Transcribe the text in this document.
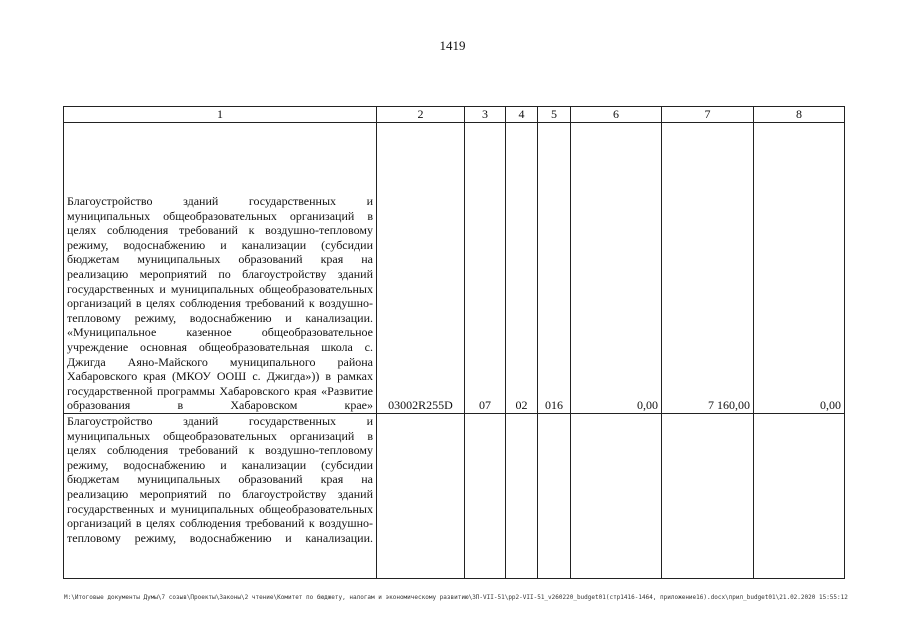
1419
1	2	3	4	5	6	7	8
Благоустройство зданий государственных и муниципальных общеобразовательных организаций в целях соблюдения требований к воздушно-тепловому режиму, водоснабжению и канализации (субсидии бюджетам муниципальных образований края на реализацию мероприятий по благоустройству зданий государственных и муниципальных общеобразовательных организаций в целях соблюдения требований к воздушно-тепловому режиму, водоснабжению и канализации. «Муниципальное казенное общеобразовательное учреждение основная общеобразовательная школа с. Джигда Аяно-Майского муниципального района Хабаровского края (МКОУ ООШ с. Джигда»)) в рамках государственной программы Хабаровского края «Развитие образования в Хабаровском крае»	03002R255D	07	02	016	0,00	7 160,00	0,00
Благоустройство зданий государственных и муниципальных общеобразовательных организаций в целях соблюдения требований к воздушно-тепловому режиму, водоснабжению и канализации (субсидии бюджетам муниципальных образований края на реализацию мероприятий по благоустройству зданий государственных и муниципальных общеобразовательных организаций в целях соблюдения требований к воздушно-тепловому режиму, водоснабжению и канализации.							
M:\Итоговые документы Думы\7 созыв\Проекты\Законы\2 чтение\Комитет по бюджету, налогам и экономическому развитию\ЗП-VII-51\pp2-VII-51_v260220_budget01(стр1416-1464, приложение16).docx\прил_budget01\21.02.2020 15:55:12
